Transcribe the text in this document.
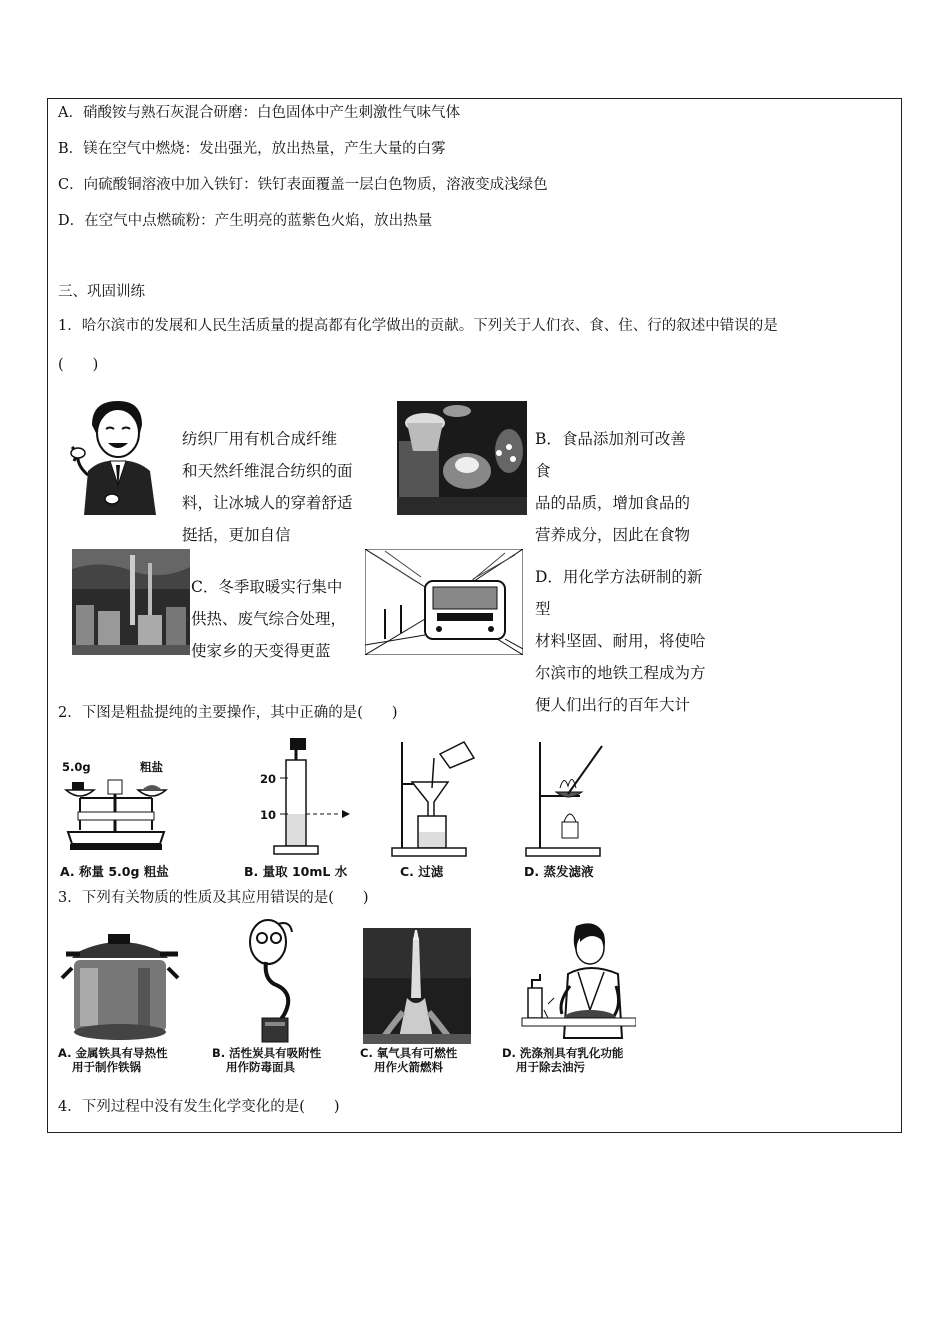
A．硝酸铵与熟石灰混合研磨：白色固体中产生刺激性气味气体
B．镁在空气中燃烧：发出强光，放出热量，产生大量的白雾
C．向硫酸铜溶液中加入铁钉：铁钉表面覆盖一层白色物质，溶液变成浅绿色
D．在空气中点燃硫粉：产生明亮的蓝紫色火焰，放出热量
三、巩固训练
1．哈尔滨市的发展和人民生活质量的提高都有化学做出的贡献。下列关于人们衣、食、住、行的叙述中错误的是
(　　)
纺织厂用有机合成纤维
和天然纤维混合纺织的面
料，让冰城人的穿着舒适
挺括，更加自信
B．食品添加剂可改善
食
品的品质，增加食品的
营养成分，因此在食物
C．冬季取暖实行集中
供热、废气综合处理，
使家乡的天变得更蓝
D．用化学方法研制的新
型
材料坚固、耐用，将使哈
尔滨市的地铁工程成为方
便人们出行的百年大计
2．下图是粗盐提纯的主要操作，其中正确的是(　　)
5.0g	粗盐
20
10
A. 称量 5.0g 粗盐	B. 量取 10mL 水	C. 过滤	D. 蒸发滤液
3．下列有关物质的性质及其应用错误的是(　　)
A. 金属铁具有导热性
用于制作铁锅
B. 活性炭具有吸附性
用作防毒面具
C. 氧气具有可燃性
用作火箭燃料
D. 洗涤剂具有乳化功能
用于除去油污
4．下列过程中没有发生化学变化的是(　　)
